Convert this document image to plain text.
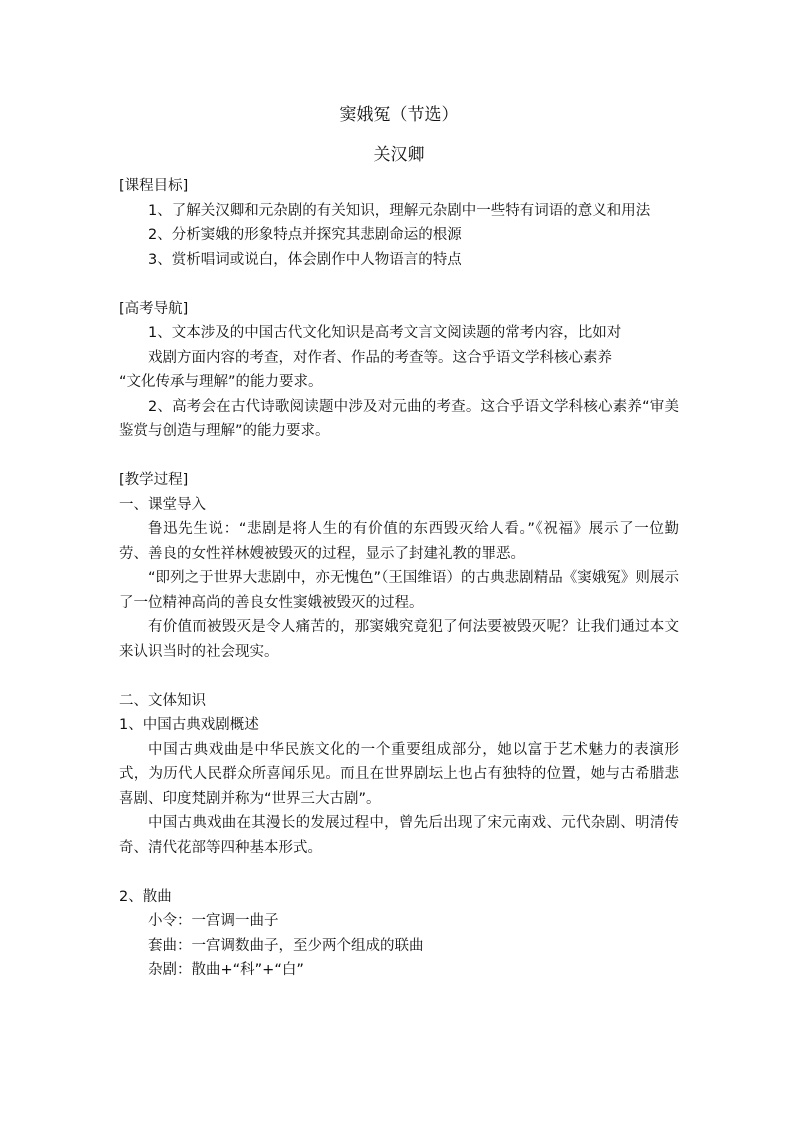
窦娥冤（节选）
关汉卿
[课程目标]

1、了解关汉卿和元杂剧的有关知识，理解元杂剧中一些特有词语的意义和用法

2、分析窦娥的形象特点并探究其悲剧命运的根源

3、赏析唱词或说白，体会剧作中人物语言的特点

[高考导航]
1、文本涉及的中国古代文化知识是高考文言文阅读题的常考内容，比如对
戏剧方面内容的考查，对作者、作品的考查等。这合乎语文学科核心素养
“文化传承与理解”的能力要求。

2、高考会在古代诗歌阅读题中涉及对元曲的考查。这合乎语文学科核心素养“审美鉴赏与创造与理解”的能力要求。

[教学过程]
一、课堂导入

鲁迅先生说：“悲剧是将人生的有价值的东西毁灭给人看。”《祝福》展示了一位勤劳、善良的女性祥林嫂被毁灭的过程，显示了封建礼教的罪恶。

“即列之于世界大悲剧中，亦无愧色”（王国维语）的古典悲剧精品《窦娥冤》则展示了一位精神高尚的善良女性窦娥被毁灭的过程。

有价值而被毁灭是令人痛苦的，那窦娥究竟犯了何法要被毁灭呢？让我们通过本文来认识当时的社会现实。

二、文体知识
1、中国古典戏剧概述

中国古典戏曲是中华民族文化的一个重要组成部分，她以富于艺术魅力的表演形式，为历代人民群众所喜闻乐见。而且在世界剧坛上也占有独特的位置，她与古希腊悲喜剧、印度梵剧并称为“世界三大古剧”。

中国古典戏曲在其漫长的发展过程中，曾先后出现了宋元南戏、元代杂剧、明清传奇、清代花部等四种基本形式。

2、散曲
小令：一宫调一曲子
套曲：一宫调数曲子，至少两个组成的联曲
杂剧：散曲+“科”+“白”
